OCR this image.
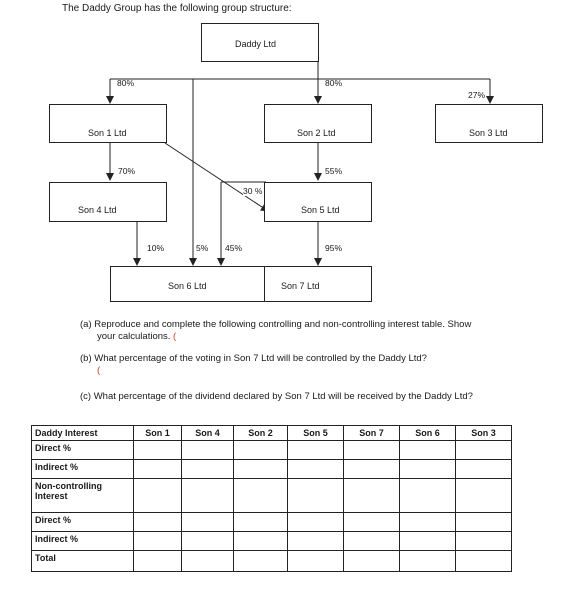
The Daddy Group has the following group structure:
Daddy Ltd
Son 1 Ltd	Son 2 Ltd	Son 3 Ltd
Son 4 Ltd	Son 5 Ltd
Son 6 Ltd	Son 7 Ltd
80%	80%
27%
70%	55%
30 %
10%	5% 45%	95%
(a) Reproduce and complete the following controlling and non-controlling interest table. Show
your calculations. (
(b) What percentage of the voting in Son 7 Ltd will be controlled by the Daddy Ltd?
(
(c) What percentage of the dividend declared by Son 7 Ltd will be received by the Daddy Ltd?
Daddy Interest	Son 1	Son 4	Son 2	Son 5	Son 7	Son 6	Son 3
Direct %							
Indirect %							
Non-controlling Interest							
Direct %							
Indirect %							
Total							
